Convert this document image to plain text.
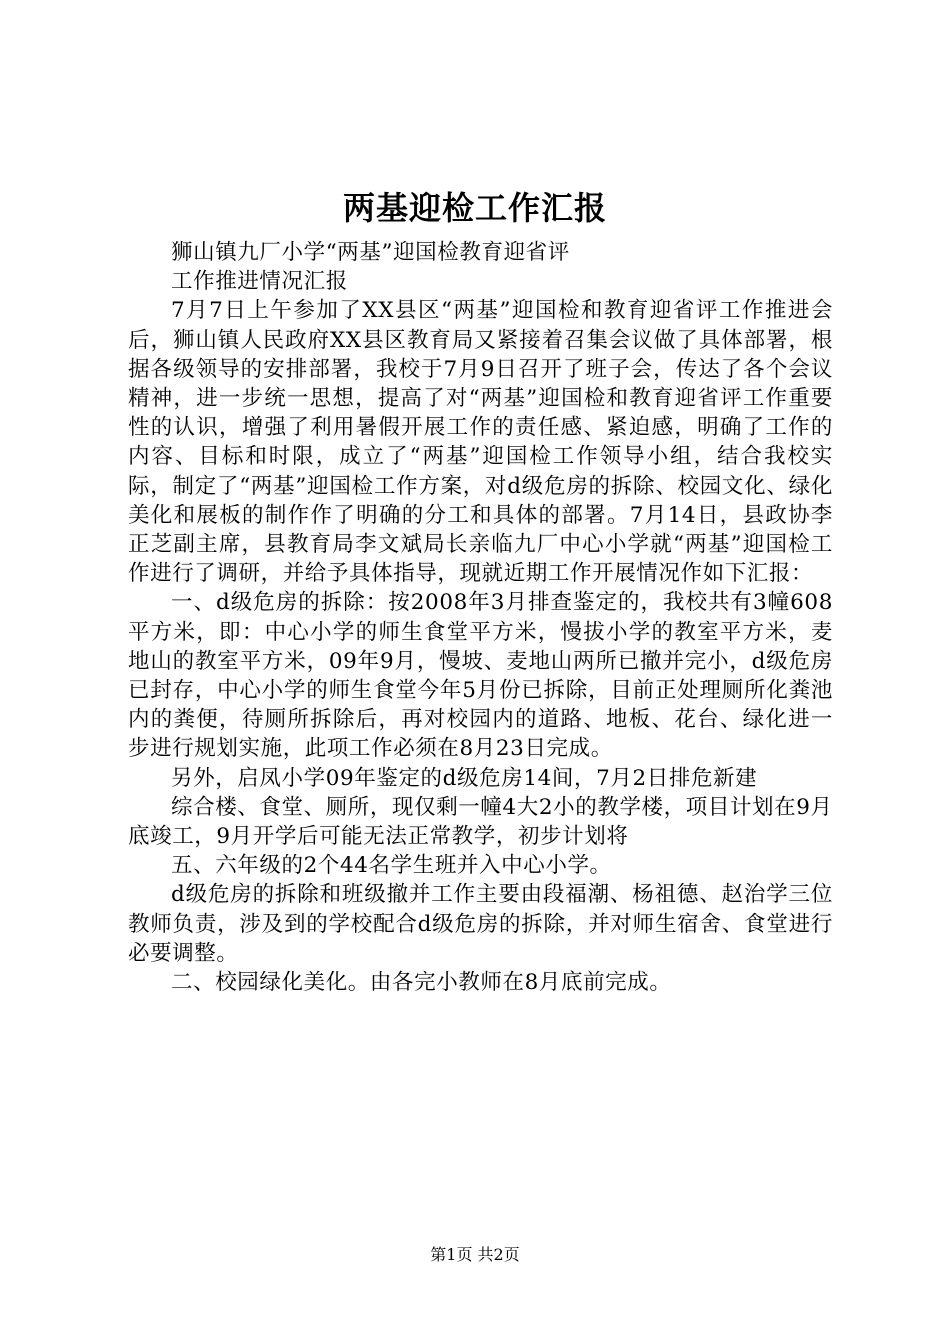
两基迎检工作汇报

狮山镇九厂小学“两基”迎国检教育迎省评

工作推进情况汇报

7月7日上午参加了XX县区“两基”迎国检和教育迎省评工作推进会后，狮山镇人民政府XX县区教育局又紧接着召集会议做了具体部署，根据各级领导的安排部署，我校于7月9日召开了班子会，传达了各个会议精神，进一步统一思想，提高了对“两基”迎国检和教育迎省评工作重要性的认识，增强了利用暑假开展工作的责任感、紧迫感，明确了工作的内容、目标和时限，成立了“两基”迎国检工作领导小组，结合我校实际，制定了“两基”迎国检工作方案，对d级危房的拆除、校园文化、绿化美化和展板的制作作了明确的分工和具体的部署。7月14日，县政协李正芝副主席，县教育局李文斌局长亲临九厂中心小学就“两基”迎国检工作进行了调研，并给予具体指导，现就近期工作开展情况作如下汇报：

一、d级危房的拆除：按2008年3月排查鉴定的，我校共有3幢608平方米，即：中心小学的师生食堂平方米，慢拔小学的教室平方米，麦地山的教室平方米，09年9月，慢坡、麦地山两所已撤并完小，d级危房已封存，中心小学的师生食堂今年5月份已拆除，目前正处理厕所化粪池内的粪便，待厕所拆除后，再对校园内的道路、地板、花台、绿化进一步进行规划实施，此项工作必须在8月23日完成。

另外，启凤小学09年鉴定的d级危房14间，7月2日排危新建

综合楼、食堂、厕所，现仅剩一幢4大2小的教学楼，项目计划在9月底竣工，9月开学后可能无法正常教学，初步计划将

五、六年级的2个44名学生班并入中心小学。

d级危房的拆除和班级撤并工作主要由段福潮、杨祖德、赵治学三位教师负责，涉及到的学校配合d级危房的拆除，并对师生宿舍、食堂进行必要调整。

二、校园绿化美化。由各完小教师在8月底前完成。

第1页 共2页
